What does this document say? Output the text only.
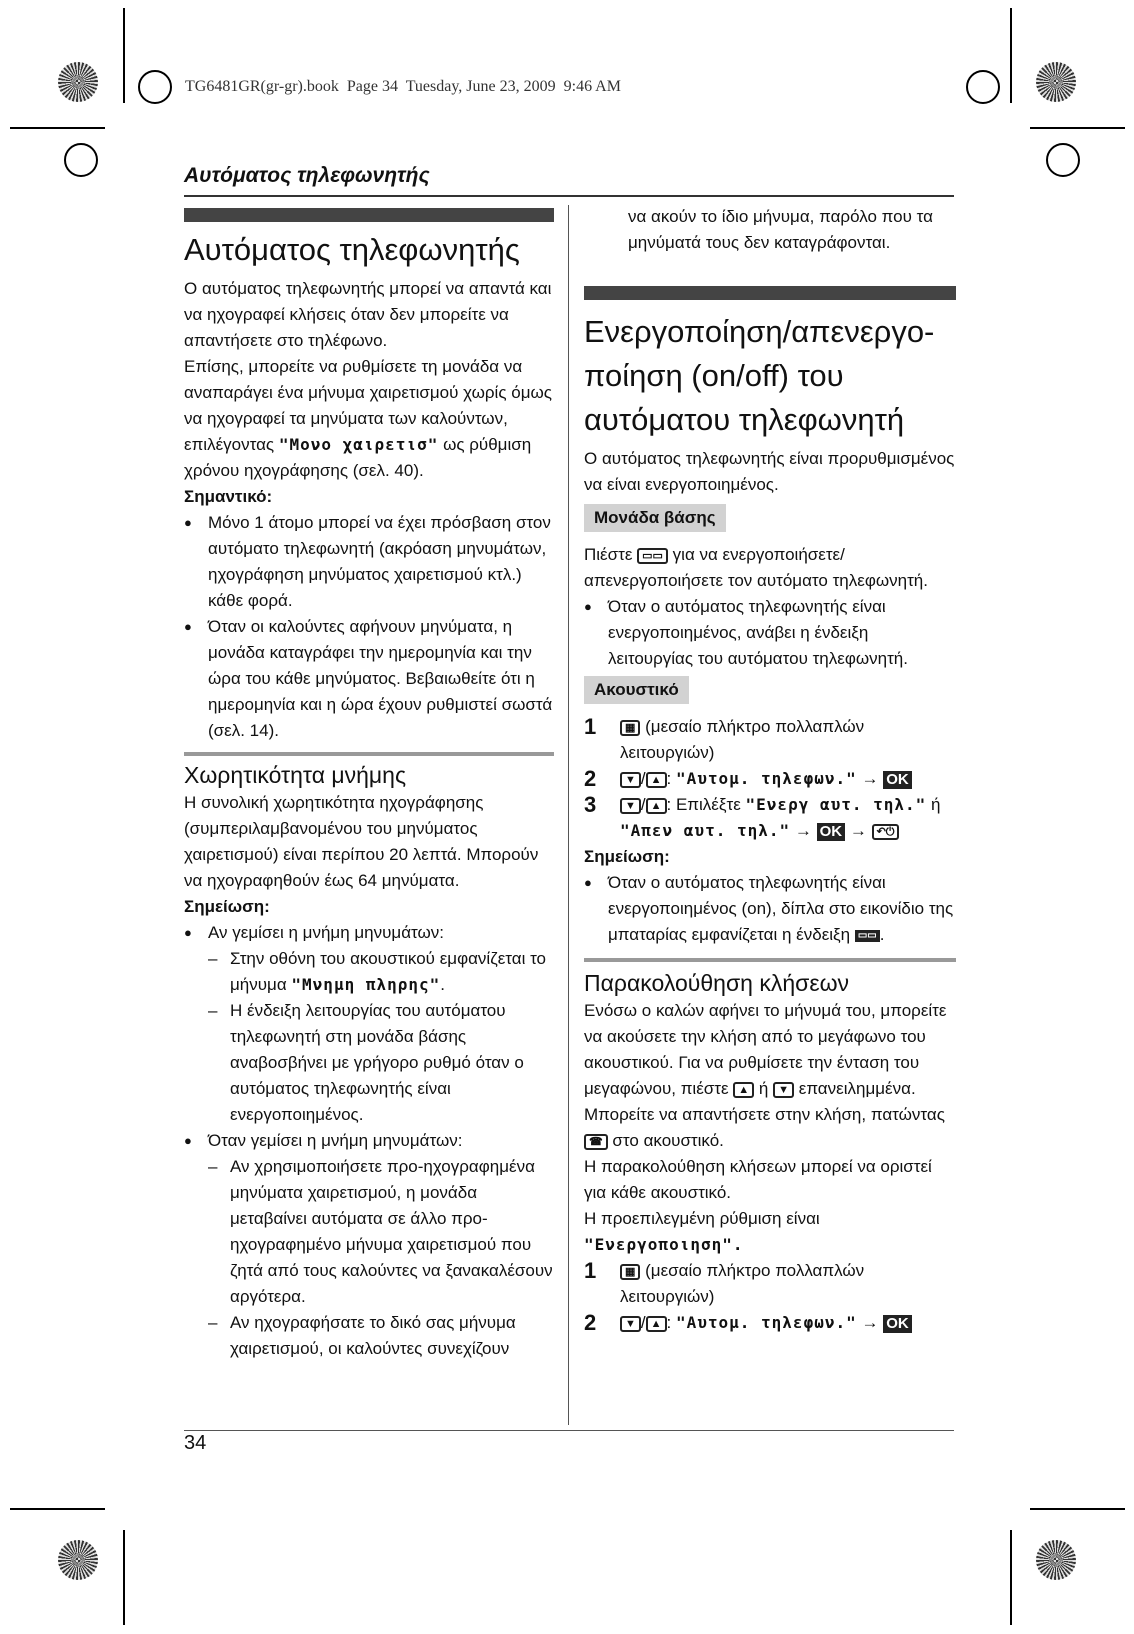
TG6481GR(gr-gr).book  Page 34  Tuesday, June 23, 2009  9:46 AM
Αυτόματος τηλεφωνητής
Αυτόματος τηλεφωνητής
Ο αυτόματος τηλεφωνητής μπορεί να απαντά και να ηχογραφεί κλήσεις όταν δεν μπορείτε να απαντήσετε στο τηλέφωνο.
Επίσης, μπορείτε να ρυθμίσετε τη μονάδα να αναπαράγει ένα μήνυμα χαιρετισμού χωρίς όμως να ηχογραφεί τα μηνύματα των καλούντων, επιλέγοντας "Μονο χαιρετισ" ως ρύθμιση χρόνου ηχογράφησης (σελ. 40).
Σημαντικό:
● Μόνο 1 άτομο μπορεί να έχει πρόσβαση στον αυτόματο τηλεφωνητή (ακρόαση μηνυμάτων, ηχογράφηση μηνύματος χαιρετισμού κτλ.) κάθε φορά.
● Όταν οι καλούντες αφήνουν μηνύματα, η μονάδα καταγράφει την ημερομηνία και την ώρα του κάθε μηνύματος. Βεβαιωθείτε ότι η ημερομηνία και η ώρα έχουν ρυθμιστεί σωστά (σελ. 14).
Χωρητικότητα μνήμης
Η συνολική χωρητικότητα ηχογράφησης (συμπεριλαμβανομένου του μηνύματος χαιρετισμού) είναι περίπου 20 λεπτά. Μπορούν να ηχογραφηθούν έως 64 μηνύματα.
Σημείωση:
● Αν γεμίσει η μνήμη μηνυμάτων:
– Στην οθόνη του ακουστικού εμφανίζεται το μήνυμα "Μνημη πληρης".
– Η ένδειξη λειτουργίας του αυτόματου τηλεφωνητή στη μονάδα βάσης αναβοσβήνει με γρήγορο ρυθμό όταν ο αυτόματος τηλεφωνητής είναι ενεργοποιημένος.
● Όταν γεμίσει η μνήμη μηνυμάτων:
– Αν χρησιμοποιήσετε προ-ηχογραφημένα μηνύματα χαιρετισμού, η μονάδα μεταβαίνει αυτόματα σε άλλο προ-ηχογραφημένο μήνυμα χαιρετισμού που ζητά από τους καλούντες να ξανακαλέσουν αργότερα.
– Αν ηχογραφήσατε το δικό σας μήνυμα χαιρετισμού, οι καλούντες συνεχίζουν
να ακούν το ίδιο μήνυμα, παρόλο που τα μηνύματά τους δεν καταγράφονται.
Ενεργοποίηση/απενεργο-ποίηση (on/off) του αυτόματου τηλεφωνητή
Ο αυτόματος τηλεφωνητής είναι προρυθμισμένος να είναι ενεργοποιημένος.
Μονάδα βάσης
Πιέστε ▭▭ για να ενεργοποιήσετε/απενεργοποιήσετε τον αυτόματο τηλεφωνητή.
● Όταν ο αυτόματος τηλεφωνητής είναι ενεργοποιημένος, ανάβει η ένδειξη λειτουργίας του αυτόματου τηλεφωνητή.
Ακουστικό
1	▦ (μεσαίο πλήκτρο πολλαπλών λειτουργιών)
2	▼ / ▲ : "Αυτομ. τηλεφων." → OK
3	▼ / ▲ : Επιλέξτε "Ενεργ αυτ. τηλ." ή "Απεν αυτ. τηλ." → OK → ↶⏻
Σημείωση:
● Όταν ο αυτόματος τηλεφωνητής είναι ενεργοποιημένος (on), δίπλα στο εικονίδιο της μπαταρίας εμφανίζεται η ένδειξη ▭▭ .
Παρακολούθηση κλήσεων
Ενόσω ο καλών αφήνει το μήνυμά του, μπορείτε να ακούσετε την κλήση από το μεγάφωνο του ακουστικού. Για να ρυθμίσετε την ένταση του μεγαφώνου, πιέστε ▲ ή ▼ επανειλημμένα. Μπορείτε να απαντήσετε στην κλήση, πατώντας ☎ στο ακουστικό.
Η παρακολούθηση κλήσεων μπορεί να οριστεί για κάθε ακουστικό.
Η προεπιλεγμένη ρύθμιση είναι
"Ενεργοποιηση".
1	▦ (μεσαίο πλήκτρο πολλαπλών λειτουργιών)
2	▼ / ▲ : "Αυτομ. τηλεφων." → OK
34
